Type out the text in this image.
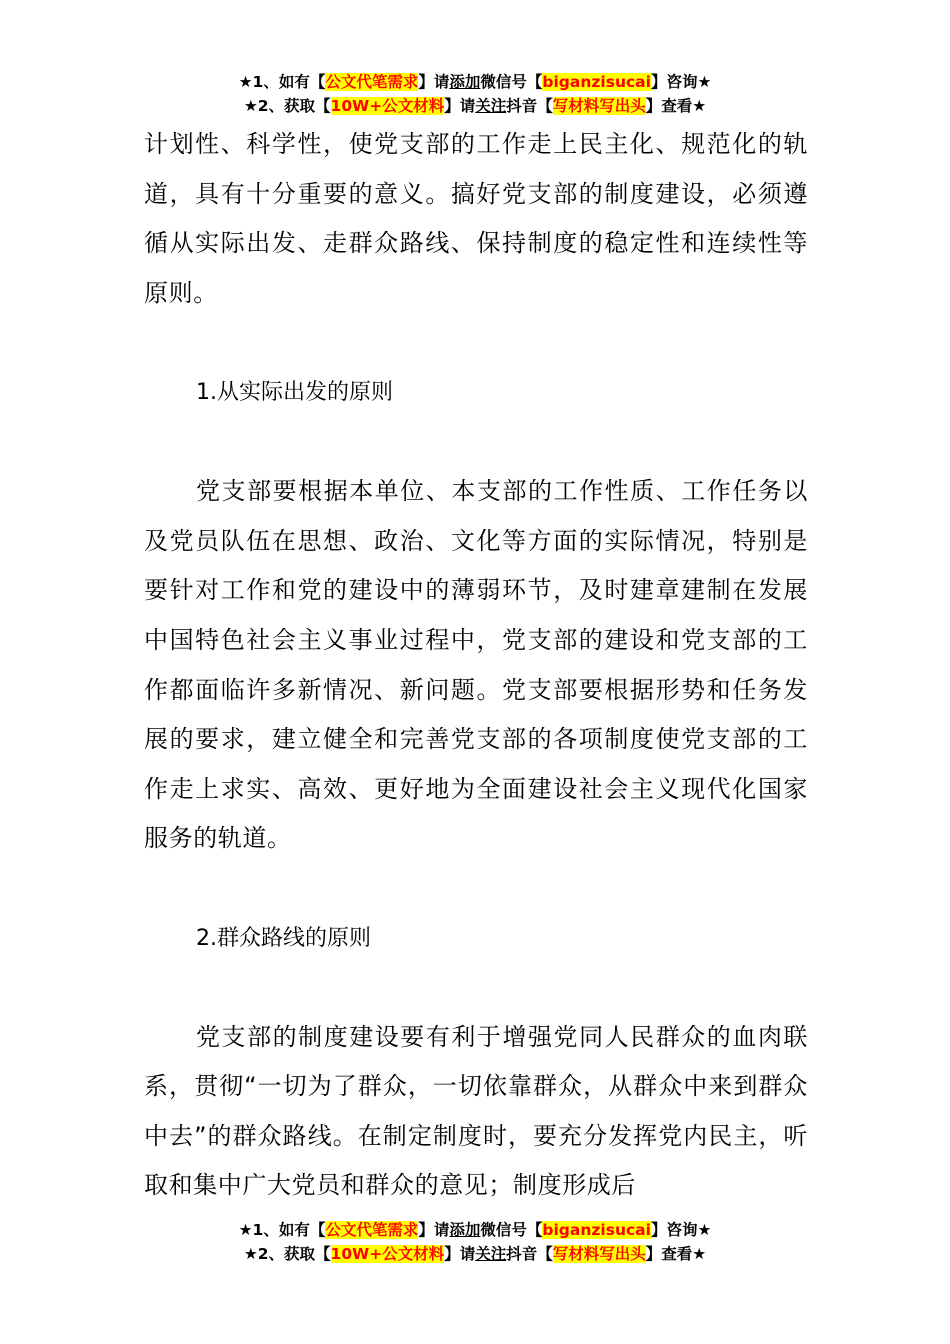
★1、如有【公文代笔需求】请添加微信号【biganzisucai】咨询★
★2、获取【10W+公文材料】请关注抖音【写材料写出头】查看★

计划性、科学性，使党支部的工作走上民主化、规范化的轨道，具有十分重要的意义。搞好党支部的制度建设，必须遵循从实际出发、走群众路线、保持制度的稳定性和连续性等原则。

1.从实际出发的原则

党支部要根据本单位、本支部的工作性质、工作任务以及党员队伍在思想、政治、文化等方面的实际情况，特别是要针对工作和党的建设中的薄弱环节，及时建章建制在发展中国特色社会主义事业过程中，党支部的建设和党支部的工作都面临许多新情况、新问题。党支部要根据形势和任务发展的要求，建立健全和完善党支部的各项制度使党支部的工作走上求实、高效、更好地为全面建设社会主义现代化国家服务的轨道。

2.群众路线的原则

党支部的制度建设要有利于增强党同人民群众的血肉联系，贯彻“一切为了群众，一切依靠群众，从群众中来到群众中去”的群众路线。在制定制度时，要充分发挥党内民主，听取和集中广大党员和群众的意见；制度形成后

★1、如有【公文代笔需求】请添加微信号【biganzisucai】咨询★
★2、获取【10W+公文材料】请关注抖音【写材料写出头】查看★
